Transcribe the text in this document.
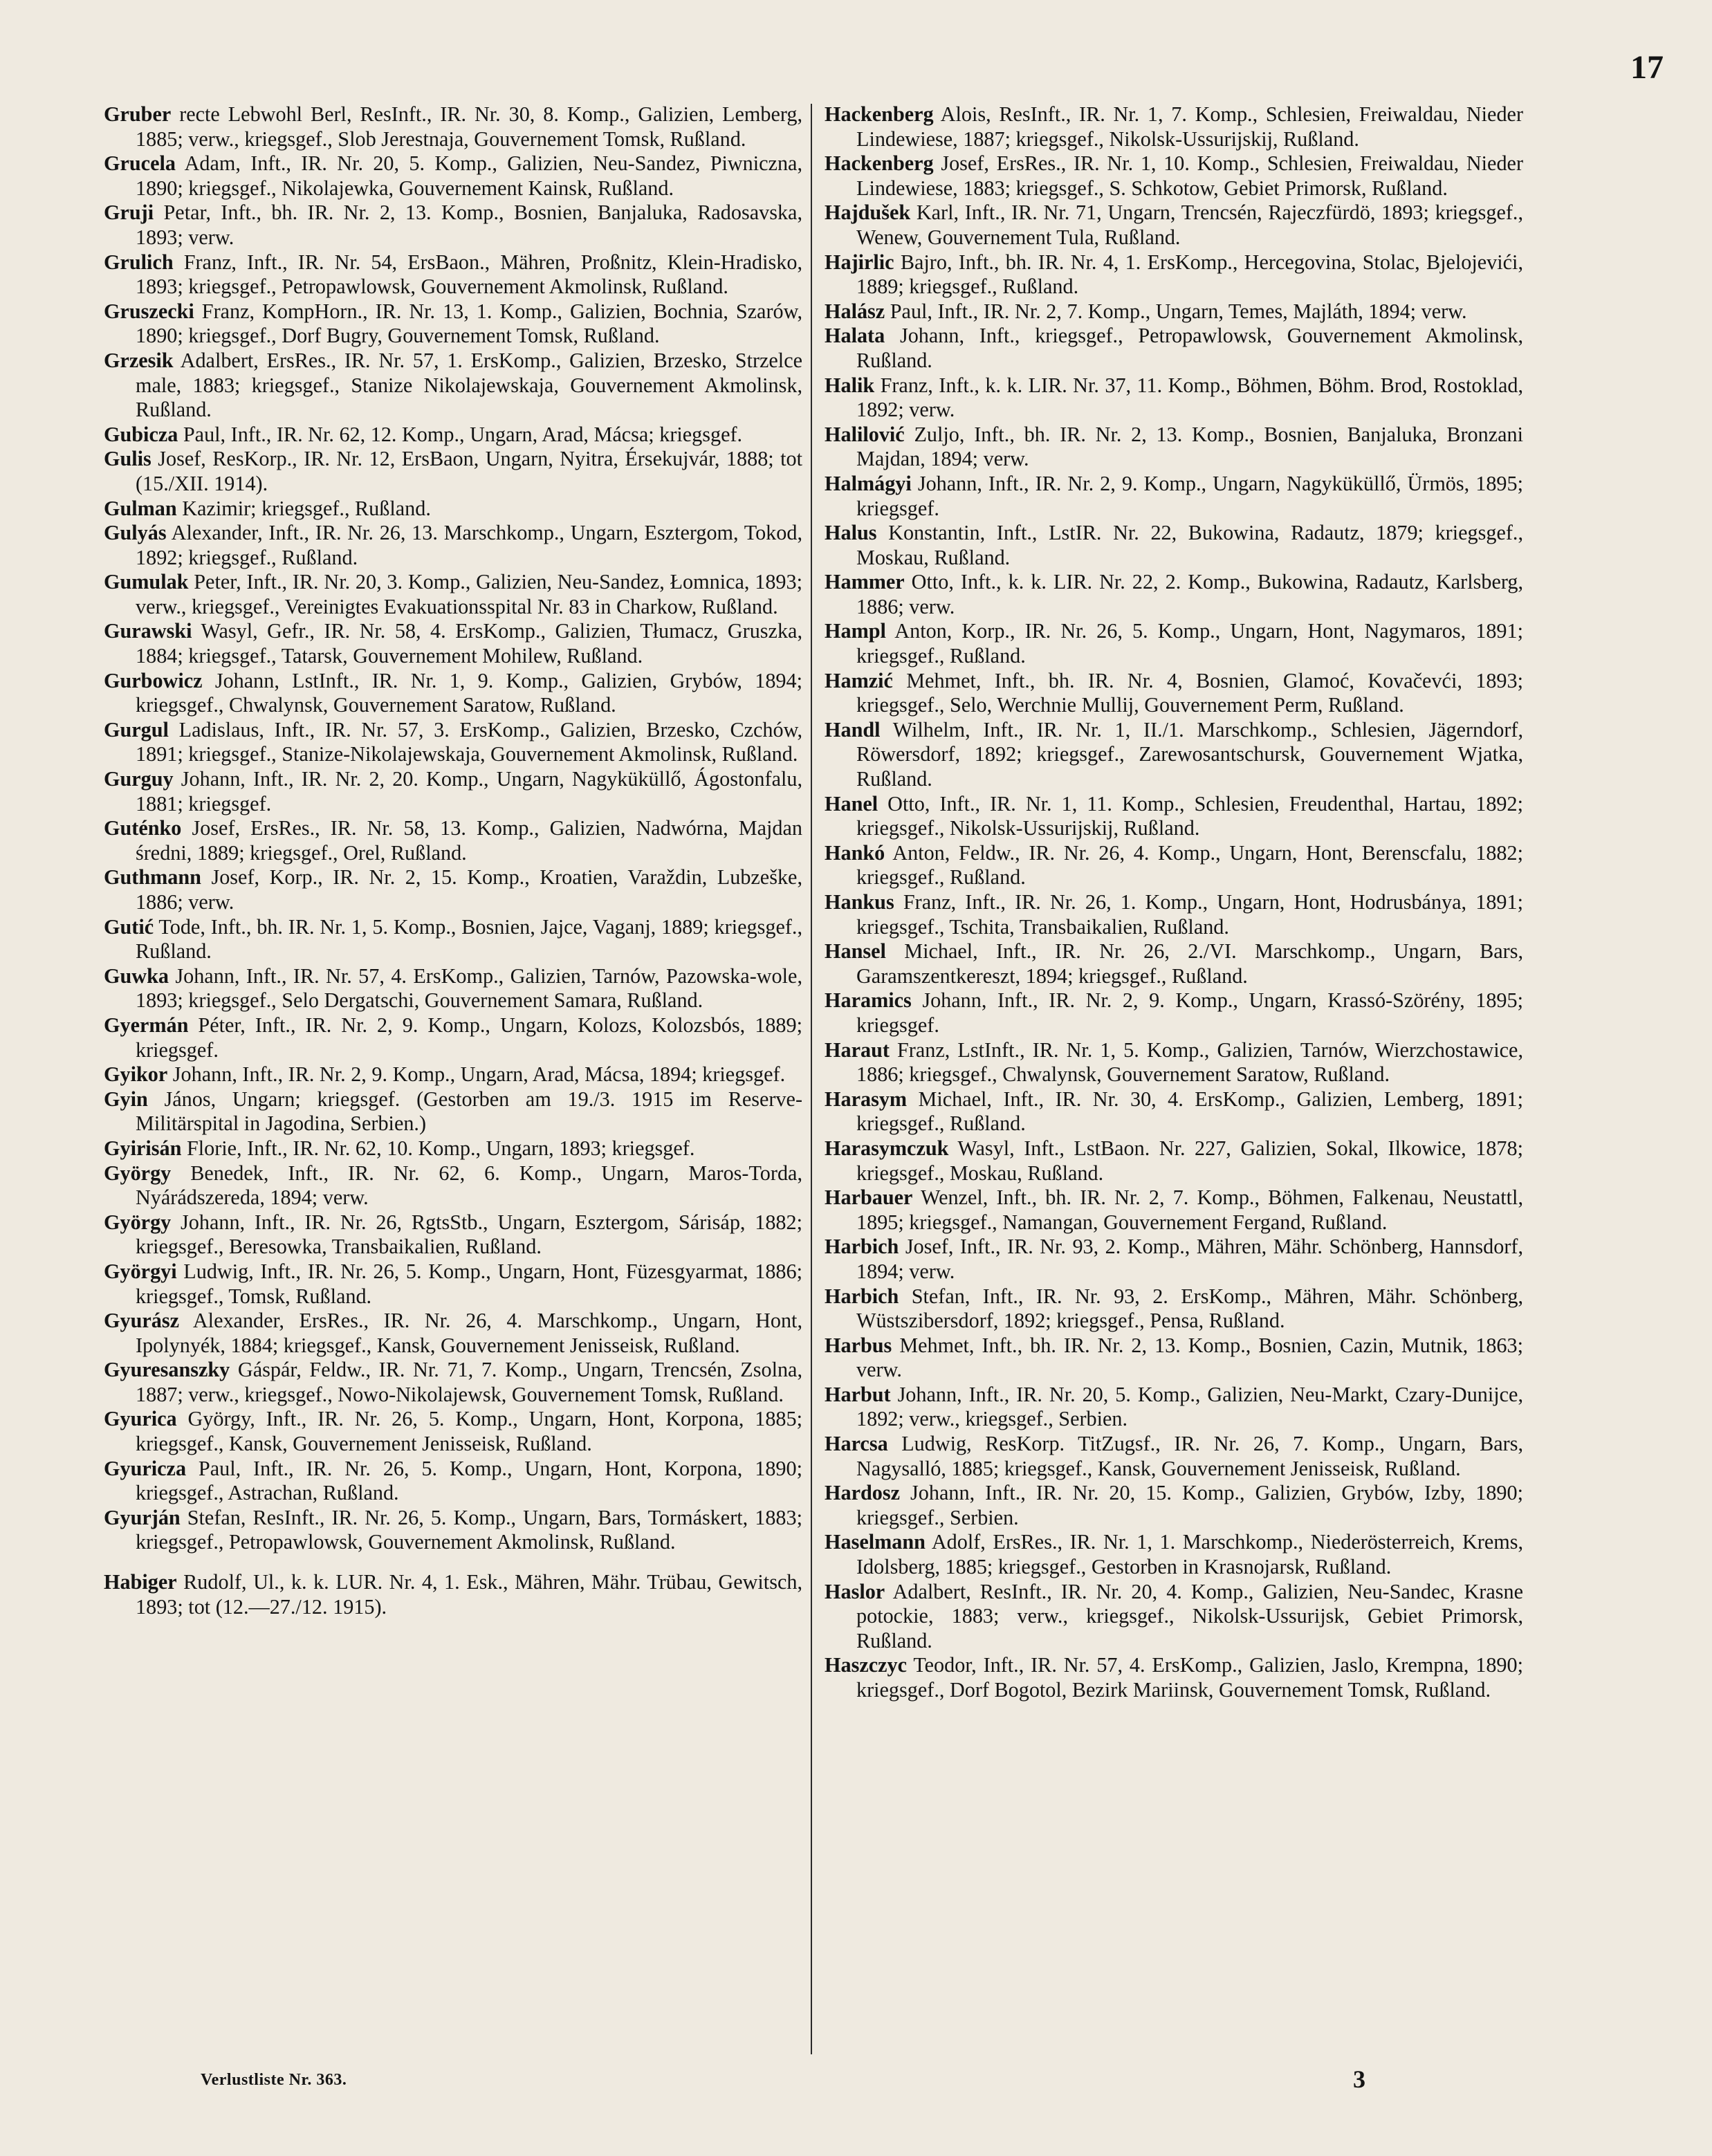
17

Gruber recte Lebwohl Berl, ResInft., IR. Nr. 30, 8. Komp., Galizien, Lemberg, 1885; verw., kriegsgef., Slob Jerestnaja, Gouvernement Tomsk, Rußland.

Grucela Adam, Inft., IR. Nr. 20, 5. Komp., Galizien, Neu-Sandez, Piwniczna, 1890; kriegsgef., Nikolajewka, Gouvernement Kainsk, Rußland.

Gruji Petar, Inft., bh. IR. Nr. 2, 13. Komp., Bosnien, Banjaluka, Radosavska, 1893; verw.

Grulich Franz, Inft., IR. Nr. 54, ErsBaon., Mähren, Proßnitz, Klein-Hradisko, 1893; kriegsgef., Petropawlowsk, Gouvernement Akmolinsk, Rußland.

Gruszecki Franz, KompHorn., IR. Nr. 13, 1. Komp., Galizien, Bochnia, Szarów, 1890; kriegsgef., Dorf Bugry, Gouvernement Tomsk, Rußland.

Grzesik Adalbert, ErsRes., IR. Nr. 57, 1. ErsKomp., Galizien, Brzesko, Strzelce male, 1883; kriegsgef., Stanize Nikolajewskaja, Gouvernement Akmolinsk, Rußland.

Gubicza Paul, Inft., IR. Nr. 62, 12. Komp., Ungarn, Arad, Mácsa; kriegsgef.

Gulis Josef, ResKorp., IR. Nr. 12, ErsBaon, Ungarn, Nyitra, Érsekujvár, 1888; tot (15./XII. 1914).

Gulman Kazimir; kriegsgef., Rußland.

Gulyás Alexander, Inft., IR. Nr. 26, 13. Marschkomp., Ungarn, Esztergom, Tokod, 1892; kriegsgef., Rußland.

Gumulak Peter, Inft., IR. Nr. 20, 3. Komp., Galizien, Neu-Sandez, Łomnica, 1893; verw., kriegsgef., Vereinigtes Evakuationsspital Nr. 83 in Charkow, Rußland.

Gurawski Wasyl, Gefr., IR. Nr. 58, 4. ErsKomp., Galizien, Tłumacz, Gruszka, 1884; kriegsgef., Tatarsk, Gouvernement Mohilew, Rußland.

Gurbowicz Johann, LstInft., IR. Nr. 1, 9. Komp., Galizien, Grybów, 1894; kriegsgef., Chwalynsk, Gouvernement Saratow, Rußland.

Gurgul Ladislaus, Inft., IR. Nr. 57, 3. ErsKomp., Galizien, Brzesko, Czchów, 1891; kriegsgef., Stanize-Nikolajewskaja, Gouvernement Akmolinsk, Rußland.

Gurguy Johann, Inft., IR. Nr. 2, 20. Komp., Ungarn, Nagyküküllő, Ágostonfalu, 1881; kriegsgef.

Guténko Josef, ErsRes., IR. Nr. 58, 13. Komp., Galizien, Nadwórna, Majdan średni, 1889; kriegsgef., Orel, Rußland.

Guthmann Josef, Korp., IR. Nr. 2, 15. Komp., Kroatien, Varaždin, Lubzeške, 1886; verw.

Gutić Tode, Inft., bh. IR. Nr. 1, 5. Komp., Bosnien, Jajce, Vaganj, 1889; kriegsgef., Rußland.

Guwka Johann, Inft., IR. Nr. 57, 4. ErsKomp., Galizien, Tarnów, Pazowska-wole, 1893; kriegsgef., Selo Dergatschi, Gouvernement Samara, Rußland.

Gyermán Péter, Inft., IR. Nr. 2, 9. Komp., Ungarn, Kolozs, Kolozsbós, 1889; kriegsgef.

Gyikor Johann, Inft., IR. Nr. 2, 9. Komp., Ungarn, Arad, Mácsa, 1894; kriegsgef.

Gyin János, Ungarn; kriegsgef. (Gestorben am 19./3. 1915 im Reserve-Militärspital in Jagodina, Serbien.)

Gyirisán Florie, Inft., IR. Nr. 62, 10. Komp., Ungarn, 1893; kriegsgef.

György Benedek, Inft., IR. Nr. 62, 6. Komp., Ungarn, Maros-Torda, Nyárádszereda, 1894; verw.

György Johann, Inft., IR. Nr. 26, RgtsStb., Ungarn, Esztergom, Sárisáp, 1882; kriegsgef., Beresowka, Transbaikalien, Rußland.

Györgyi Ludwig, Inft., IR. Nr. 26, 5. Komp., Ungarn, Hont, Füzesgyarmat, 1886; kriegsgef., Tomsk, Rußland.

Gyurász Alexander, ErsRes., IR. Nr. 26, 4. Marschkomp., Ungarn, Hont, Ipolynyék, 1884; kriegsgef., Kansk, Gouvernement Jenisseisk, Rußland.

Gyuresanszky Gáspár, Feldw., IR. Nr. 71, 7. Komp., Ungarn, Trencsén, Zsolna, 1887; verw., kriegsgef., Nowo-Nikolajewsk, Gouvernement Tomsk, Rußland.

Gyurica György, Inft., IR. Nr. 26, 5. Komp., Ungarn, Hont, Korpona, 1885; kriegsgef., Kansk, Gouvernement Jenisseisk, Rußland.

Gyuricza Paul, Inft., IR. Nr. 26, 5. Komp., Ungarn, Hont, Korpona, 1890; kriegsgef., Astrachan, Rußland.

Gyurján Stefan, ResInft., IR. Nr. 26, 5. Komp., Ungarn, Bars, Tormáskert, 1883; kriegsgef., Petropawlowsk, Gouvernement Akmolinsk, Rußland.

Habiger Rudolf, Ul., k. k. LUR. Nr. 4, 1. Esk., Mähren, Mähr. Trübau, Gewitsch, 1893; tot (12.—27./12. 1915).

Hackenberg Alois, ResInft., IR. Nr. 1, 7. Komp., Schlesien, Freiwaldau, Nieder Lindewiese, 1887; kriegsgef., Nikolsk-Ussurijskij, Rußland.

Hackenberg Josef, ErsRes., IR. Nr. 1, 10. Komp., Schlesien, Freiwaldau, Nieder Lindewiese, 1883; kriegsgef., S. Schkotow, Gebiet Primorsk, Rußland.

Hajdušek Karl, Inft., IR. Nr. 71, Ungarn, Trencsén, Rajeczfürdö, 1893; kriegsgef., Wenew, Gouvernement Tula, Rußland.

Hajirlic Bajro, Inft., bh. IR. Nr. 4, 1. ErsKomp., Hercegovina, Stolac, Bjelojevići, 1889; kriegsgef., Rußland.

Halász Paul, Inft., IR. Nr. 2, 7. Komp., Ungarn, Temes, Majláth, 1894; verw.

Halata Johann, Inft., kriegsgef., Petropawlowsk, Gouvernement Akmolinsk, Rußland.

Halik Franz, Inft., k. k. LIR. Nr. 37, 11. Komp., Böhmen, Böhm. Brod, Rostoklad, 1892; verw.

Halilović Zuljo, Inft., bh. IR. Nr. 2, 13. Komp., Bosnien, Banjaluka, Bronzani Majdan, 1894; verw.

Halmágyi Johann, Inft., IR. Nr. 2, 9. Komp., Ungarn, Nagyküküllő, Ürmös, 1895; kriegsgef.

Halus Konstantin, Inft., LstIR. Nr. 22, Bukowina, Radautz, 1879; kriegsgef., Moskau, Rußland.

Hammer Otto, Inft., k. k. LIR. Nr. 22, 2. Komp., Bukowina, Radautz, Karlsberg, 1886; verw.

Hampl Anton, Korp., IR. Nr. 26, 5. Komp., Ungarn, Hont, Nagymaros, 1891; kriegsgef., Rußland.

Hamzić Mehmet, Inft., bh. IR. Nr. 4, Bosnien, Glamoć, Kovačevći, 1893; kriegsgef., Selo, Werchnie Mullij, Gouvernement Perm, Rußland.

Handl Wilhelm, Inft., IR. Nr. 1, II./1. Marschkomp., Schlesien, Jägerndorf, Röwersdorf, 1892; kriegsgef., Zarewosantschursk, Gouvernement Wjatka, Rußland.

Hanel Otto, Inft., IR. Nr. 1, 11. Komp., Schlesien, Freudenthal, Hartau, 1892; kriegsgef., Nikolsk-Ussurijskij, Rußland.

Hankó Anton, Feldw., IR. Nr. 26, 4. Komp., Ungarn, Hont, Berenscfalu, 1882; kriegsgef., Rußland.

Hankus Franz, Inft., IR. Nr. 26, 1. Komp., Ungarn, Hont, Hodrusbánya, 1891; kriegsgef., Tschita, Transbaikalien, Rußland.

Hansel Michael, Inft., IR. Nr. 26, 2./VI. Marschkomp., Ungarn, Bars, Garamszentkereszt, 1894; kriegsgef., Rußland.

Haramics Johann, Inft., IR. Nr. 2, 9. Komp., Ungarn, Krassó-Szörény, 1895; kriegsgef.

Haraut Franz, LstInft., IR. Nr. 1, 5. Komp., Galizien, Tarnów, Wierzchostawice, 1886; kriegsgef., Chwalynsk, Gouvernement Saratow, Rußland.

Harasym Michael, Inft., IR. Nr. 30, 4. ErsKomp., Galizien, Lemberg, 1891; kriegsgef., Rußland.

Harasymczuk Wasyl, Inft., LstBaon. Nr. 227, Galizien, Sokal, Ilkowice, 1878; kriegsgef., Moskau, Rußland.

Harbauer Wenzel, Inft., bh. IR. Nr. 2, 7. Komp., Böhmen, Falkenau, Neustattl, 1895; kriegsgef., Namangan, Gouvernement Fergand, Rußland.

Harbich Josef, Inft., IR. Nr. 93, 2. Komp., Mähren, Mähr. Schönberg, Hannsdorf, 1894; verw.

Harbich Stefan, Inft., IR. Nr. 93, 2. ErsKomp., Mähren, Mähr. Schönberg, Wüstszibersdorf, 1892; kriegsgef., Pensa, Rußland.

Harbus Mehmet, Inft., bh. IR. Nr. 2, 13. Komp., Bosnien, Cazin, Mutnik, 1863; verw.

Harbut Johann, Inft., IR. Nr. 20, 5. Komp., Galizien, Neu-Markt, Czary-Dunijce, 1892; verw., kriegsgef., Serbien.

Harcsa Ludwig, ResKorp. TitZugsf., IR. Nr. 26, 7. Komp., Ungarn, Bars, Nagysalló, 1885; kriegsgef., Kansk, Gouvernement Jenisseisk, Rußland.

Hardosz Johann, Inft., IR. Nr. 20, 15. Komp., Galizien, Grybów, Izby, 1890; kriegsgef., Serbien.

Haselmann Adolf, ErsRes., IR. Nr. 1, 1. Marschkomp., Niederösterreich, Krems, Idolsberg, 1885; kriegsgef., Gestorben in Krasnojarsk, Rußland.

Haslor Adalbert, ResInft., IR. Nr. 20, 4. Komp., Galizien, Neu-Sandec, Krasne potockie, 1883; verw., kriegsgef., Nikolsk-Ussurijsk, Gebiet Primorsk, Rußland.

Haszczyc Teodor, Inft., IR. Nr. 57, 4. ErsKomp., Galizien, Jaslo, Krempna, 1890; kriegsgef., Dorf Bogotol, Bezirk Mariinsk, Gouvernement Tomsk, Rußland.

Verlustliste Nr. 363.	3
